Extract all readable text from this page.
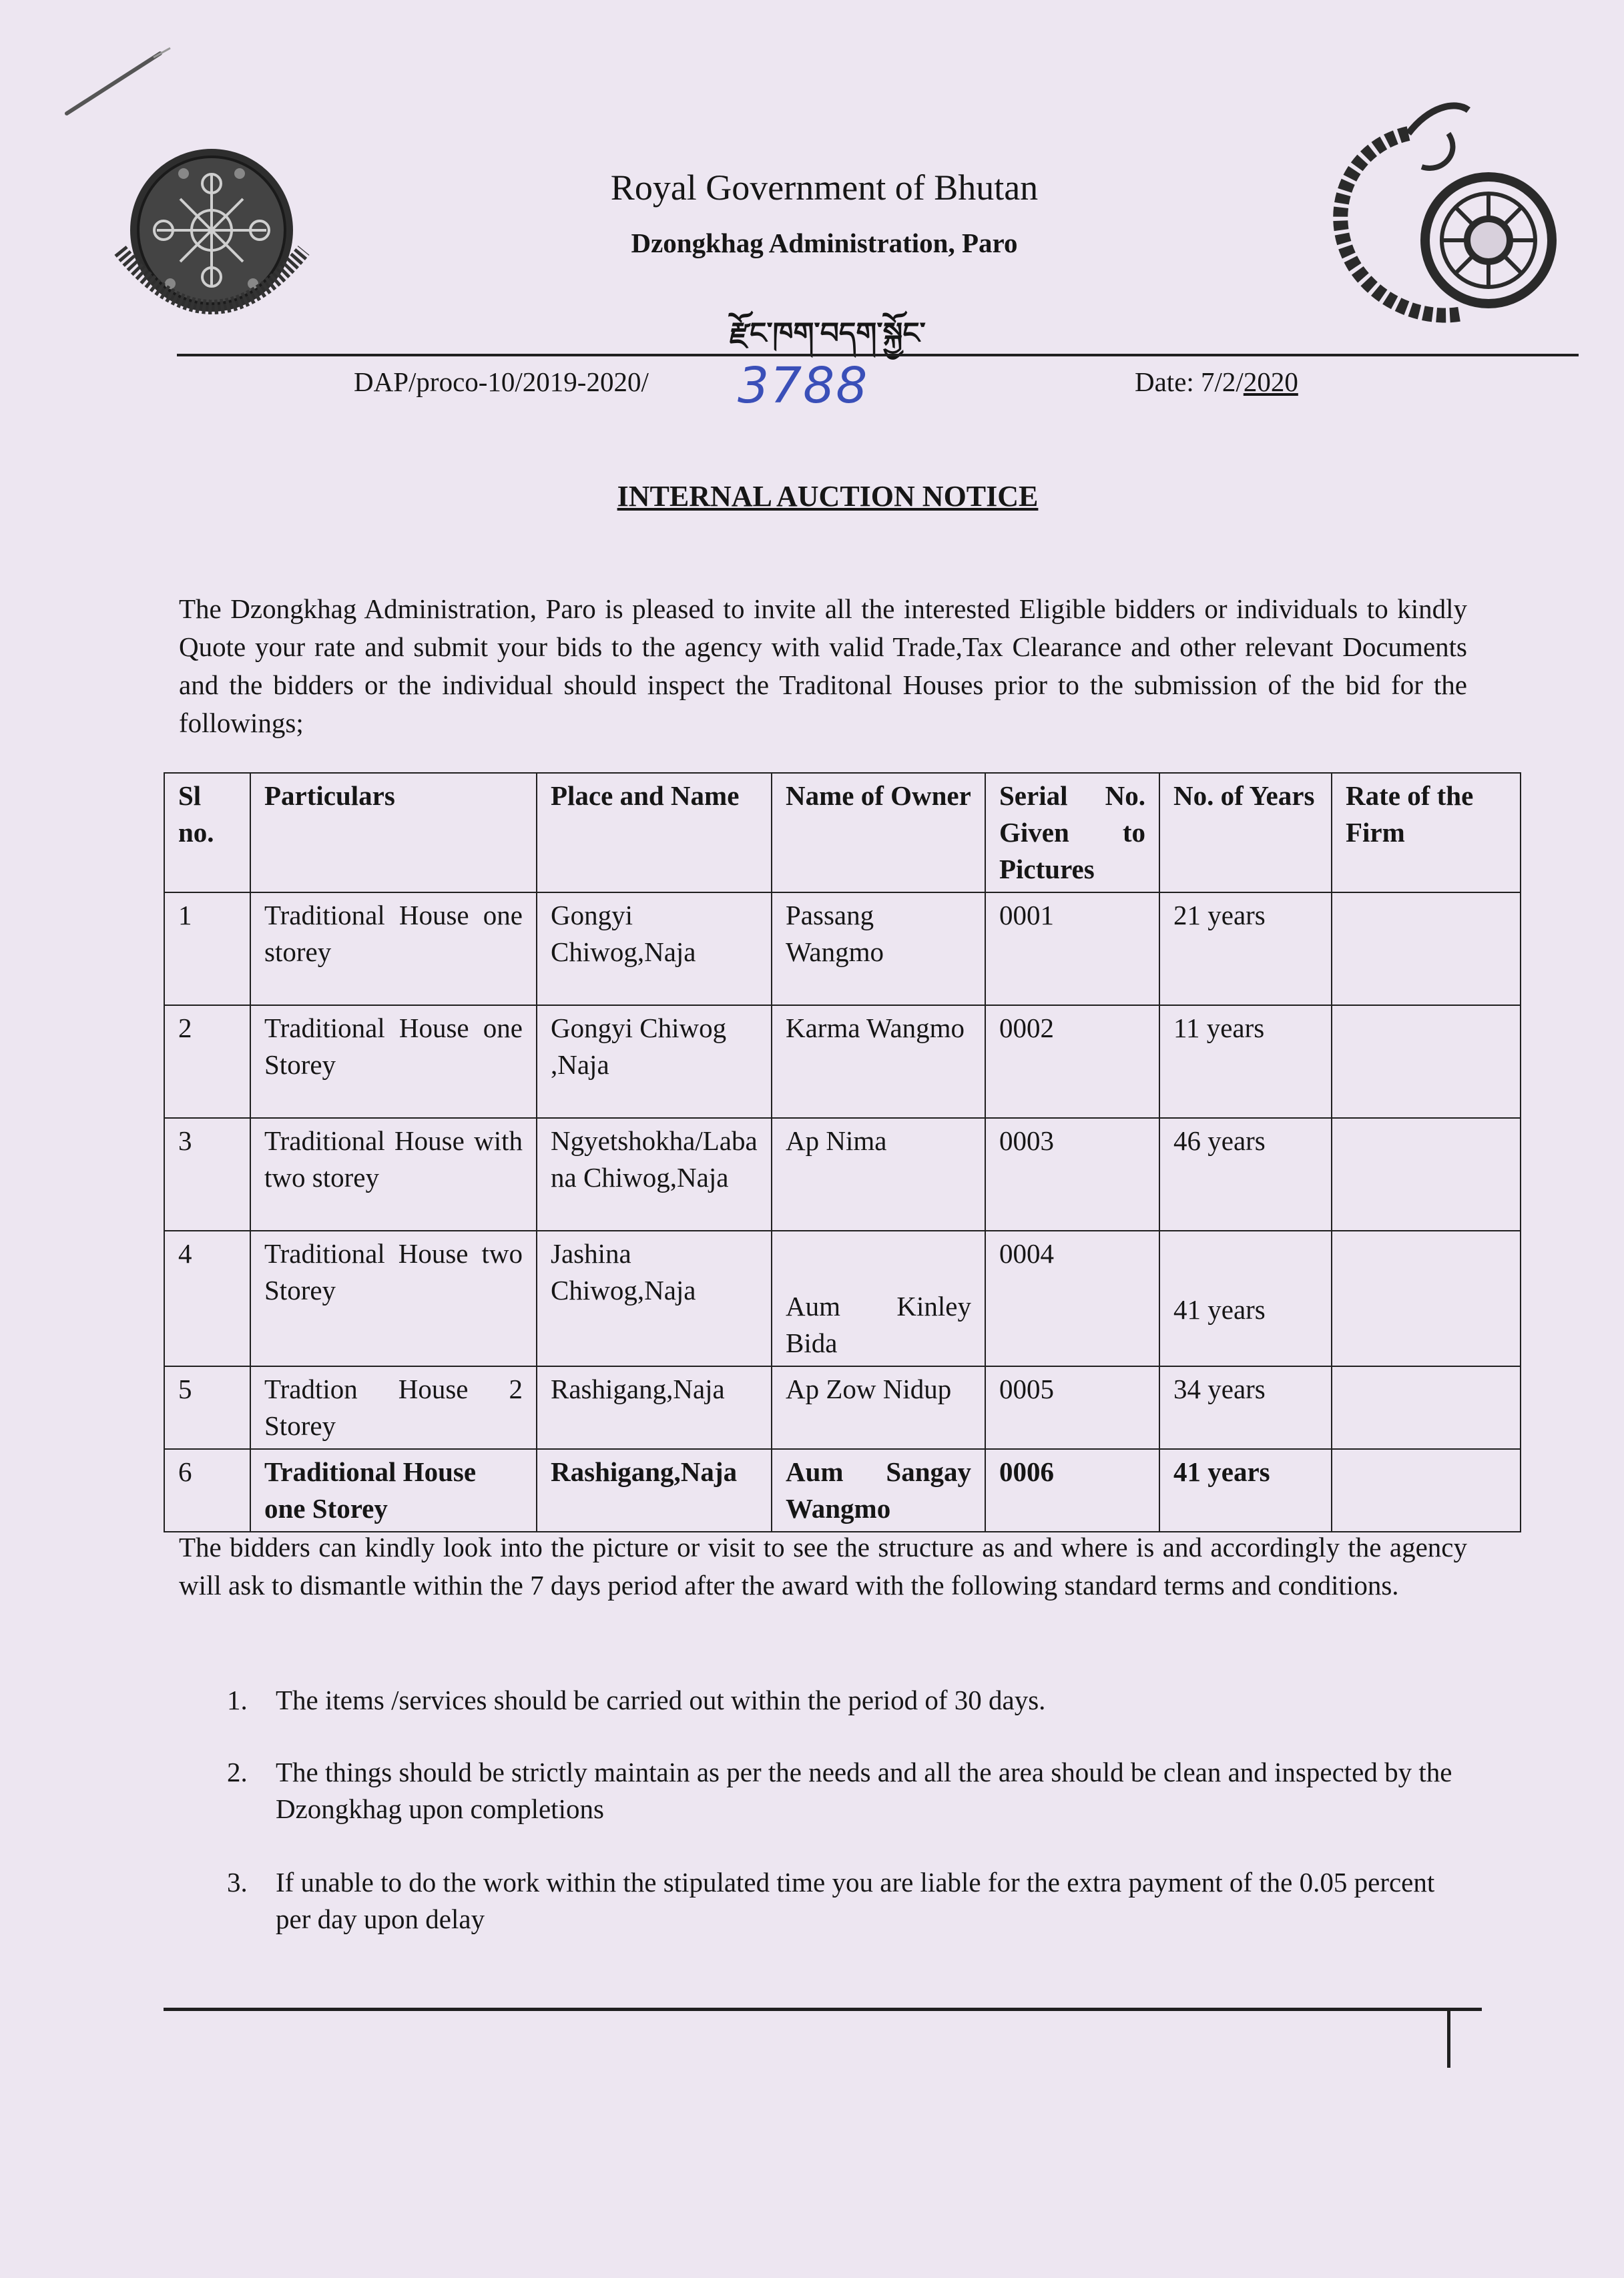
Royal Government of Bhutan
Dzongkhag Administration, Paro
རྫོང་ཁག་བདག་སྐྱོང་
DAP/proco-10/2019-2020/ 3788	Date: 7/2/2020
INTERNAL AUCTION NOTICE
The Dzongkhag Administration, Paro is pleased to invite all the interested Eligible bidders or individuals to kindly Quote your rate and submit your bids to the agency with valid Trade,Tax Clearance and other relevant Documents and the bidders or the individual should inspect the Traditonal Houses prior to the submission of the bid for the followings;
Sl no.	Particulars	Place and Name	Name of Owner	Serial No. Given to Pictures	No. of Years	Rate of the Firm
1	Traditional House one storey	Gongyi Chiwog,Naja	Passang Wangmo	0001	21 years	
2	Traditional House one Storey	Gongyi Chiwog ,Naja	Karma Wangmo	0002	11 years	
3	Traditional House with two storey	Ngyetshokha/Labana Chiwog,Naja	Ap Nima	0003	46 years	
4	Traditional House two Storey	Jashina Chiwog,Naja	Aum Kinley Bida	0004	41 years	
5	Tradtion House 2 Storey	Rashigang,Naja	Ap Zow Nidup	0005	34 years	
6	Traditional House one Storey	Rashigang,Naja	Aum Sangay Wangmo	0006	41 years	
The bidders can kindly look into the picture or visit to see the structure as and where is and accordingly the agency will ask to dismantle within the 7 days period after the award with the following standard terms and conditions.
1. The items /services should be carried out within the period of 30 days.
2. The things should be strictly maintain as per the needs and all the area should be clean and inspected by the Dzongkhag upon completions
3. If unable to do the work within the stipulated time you are liable for the extra payment of the 0.05 percent per day upon delay
